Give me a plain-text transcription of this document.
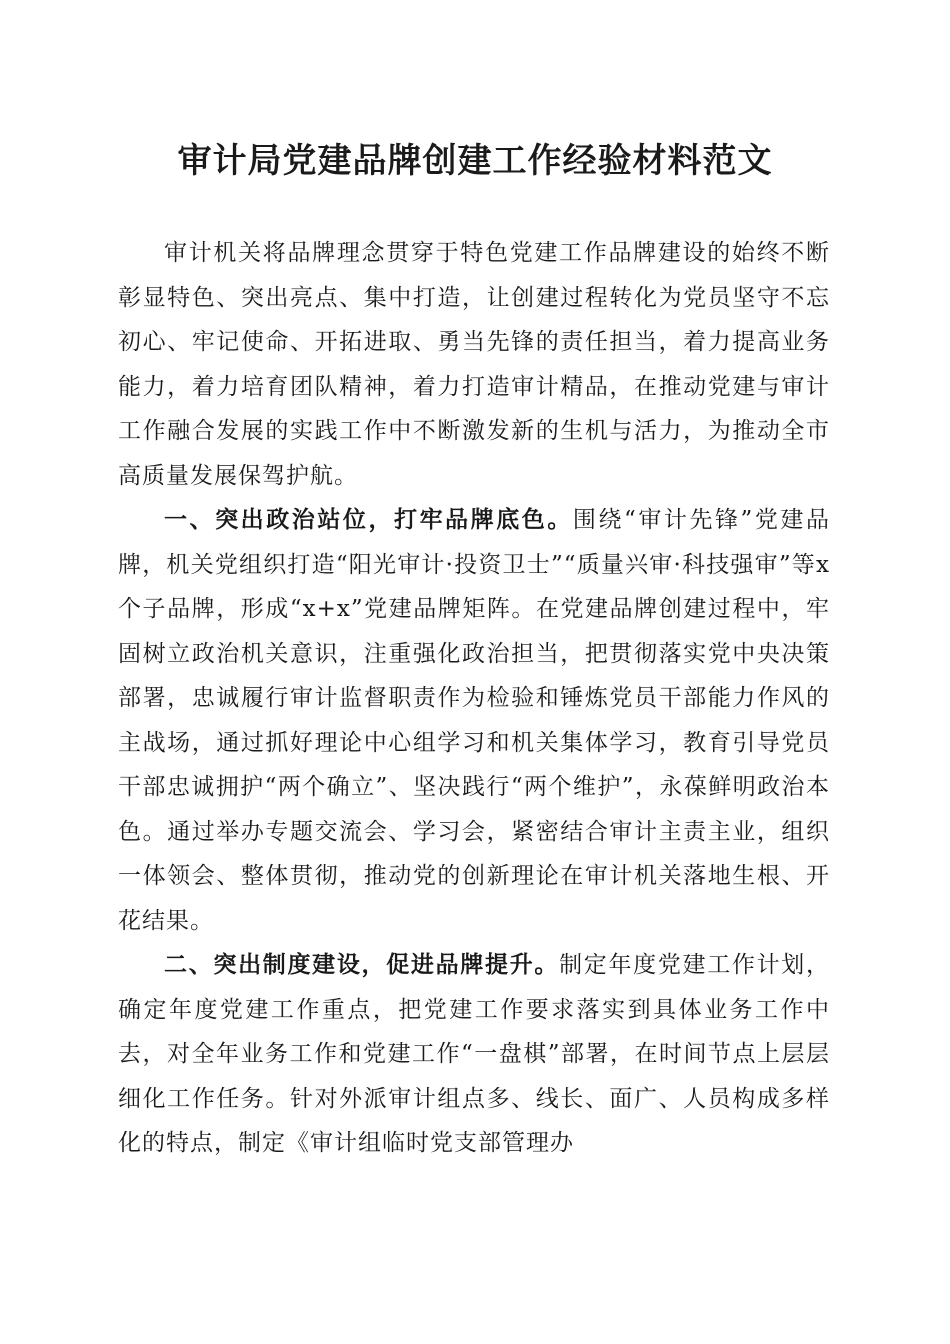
审计局党建品牌创建工作经验材料范文

审计机关将品牌理念贯穿于特色党建工作品牌建设的始终不断彰显特色、突出亮点、集中打造，让创建过程转化为党员坚守不忘初心、牢记使命、开拓进取、勇当先锋的责任担当，着力提高业务能力，着力培育团队精神，着力打造审计精品，在推动党建与审计工作融合发展的实践工作中不断激发新的生机与活力，为推动全市高质量发展保驾护航。

一、突出政治站位，打牢品牌底色。围绕“审计先锋”党建品牌，机关党组织打造“阳光审计·投资卫士”“质量兴审·科技强审”等x个子品牌，形成“x+x”党建品牌矩阵。在党建品牌创建过程中，牢固树立政治机关意识，注重强化政治担当，把贯彻落实党中央决策部署，忠诚履行审计监督职责作为检验和锤炼党员干部能力作风的主战场，通过抓好理论中心组学习和机关集体学习，教育引导党员干部忠诚拥护“两个确立”、坚决践行“两个维护”，永葆鲜明政治本色。通过举办专题交流会、学习会，紧密结合审计主责主业，组织一体领会、整体贯彻，推动党的创新理论在审计机关落地生根、开花结果。

二、突出制度建设，促进品牌提升。制定年度党建工作计划，确定年度党建工作重点，把党建工作要求落实到具体业务工作中去，对全年业务工作和党建工作“一盘棋”部署，在时间节点上层层细化工作任务。针对外派审计组点多、线长、面广、人员构成多样化的特点，制定《审计组临时党支部管理办
